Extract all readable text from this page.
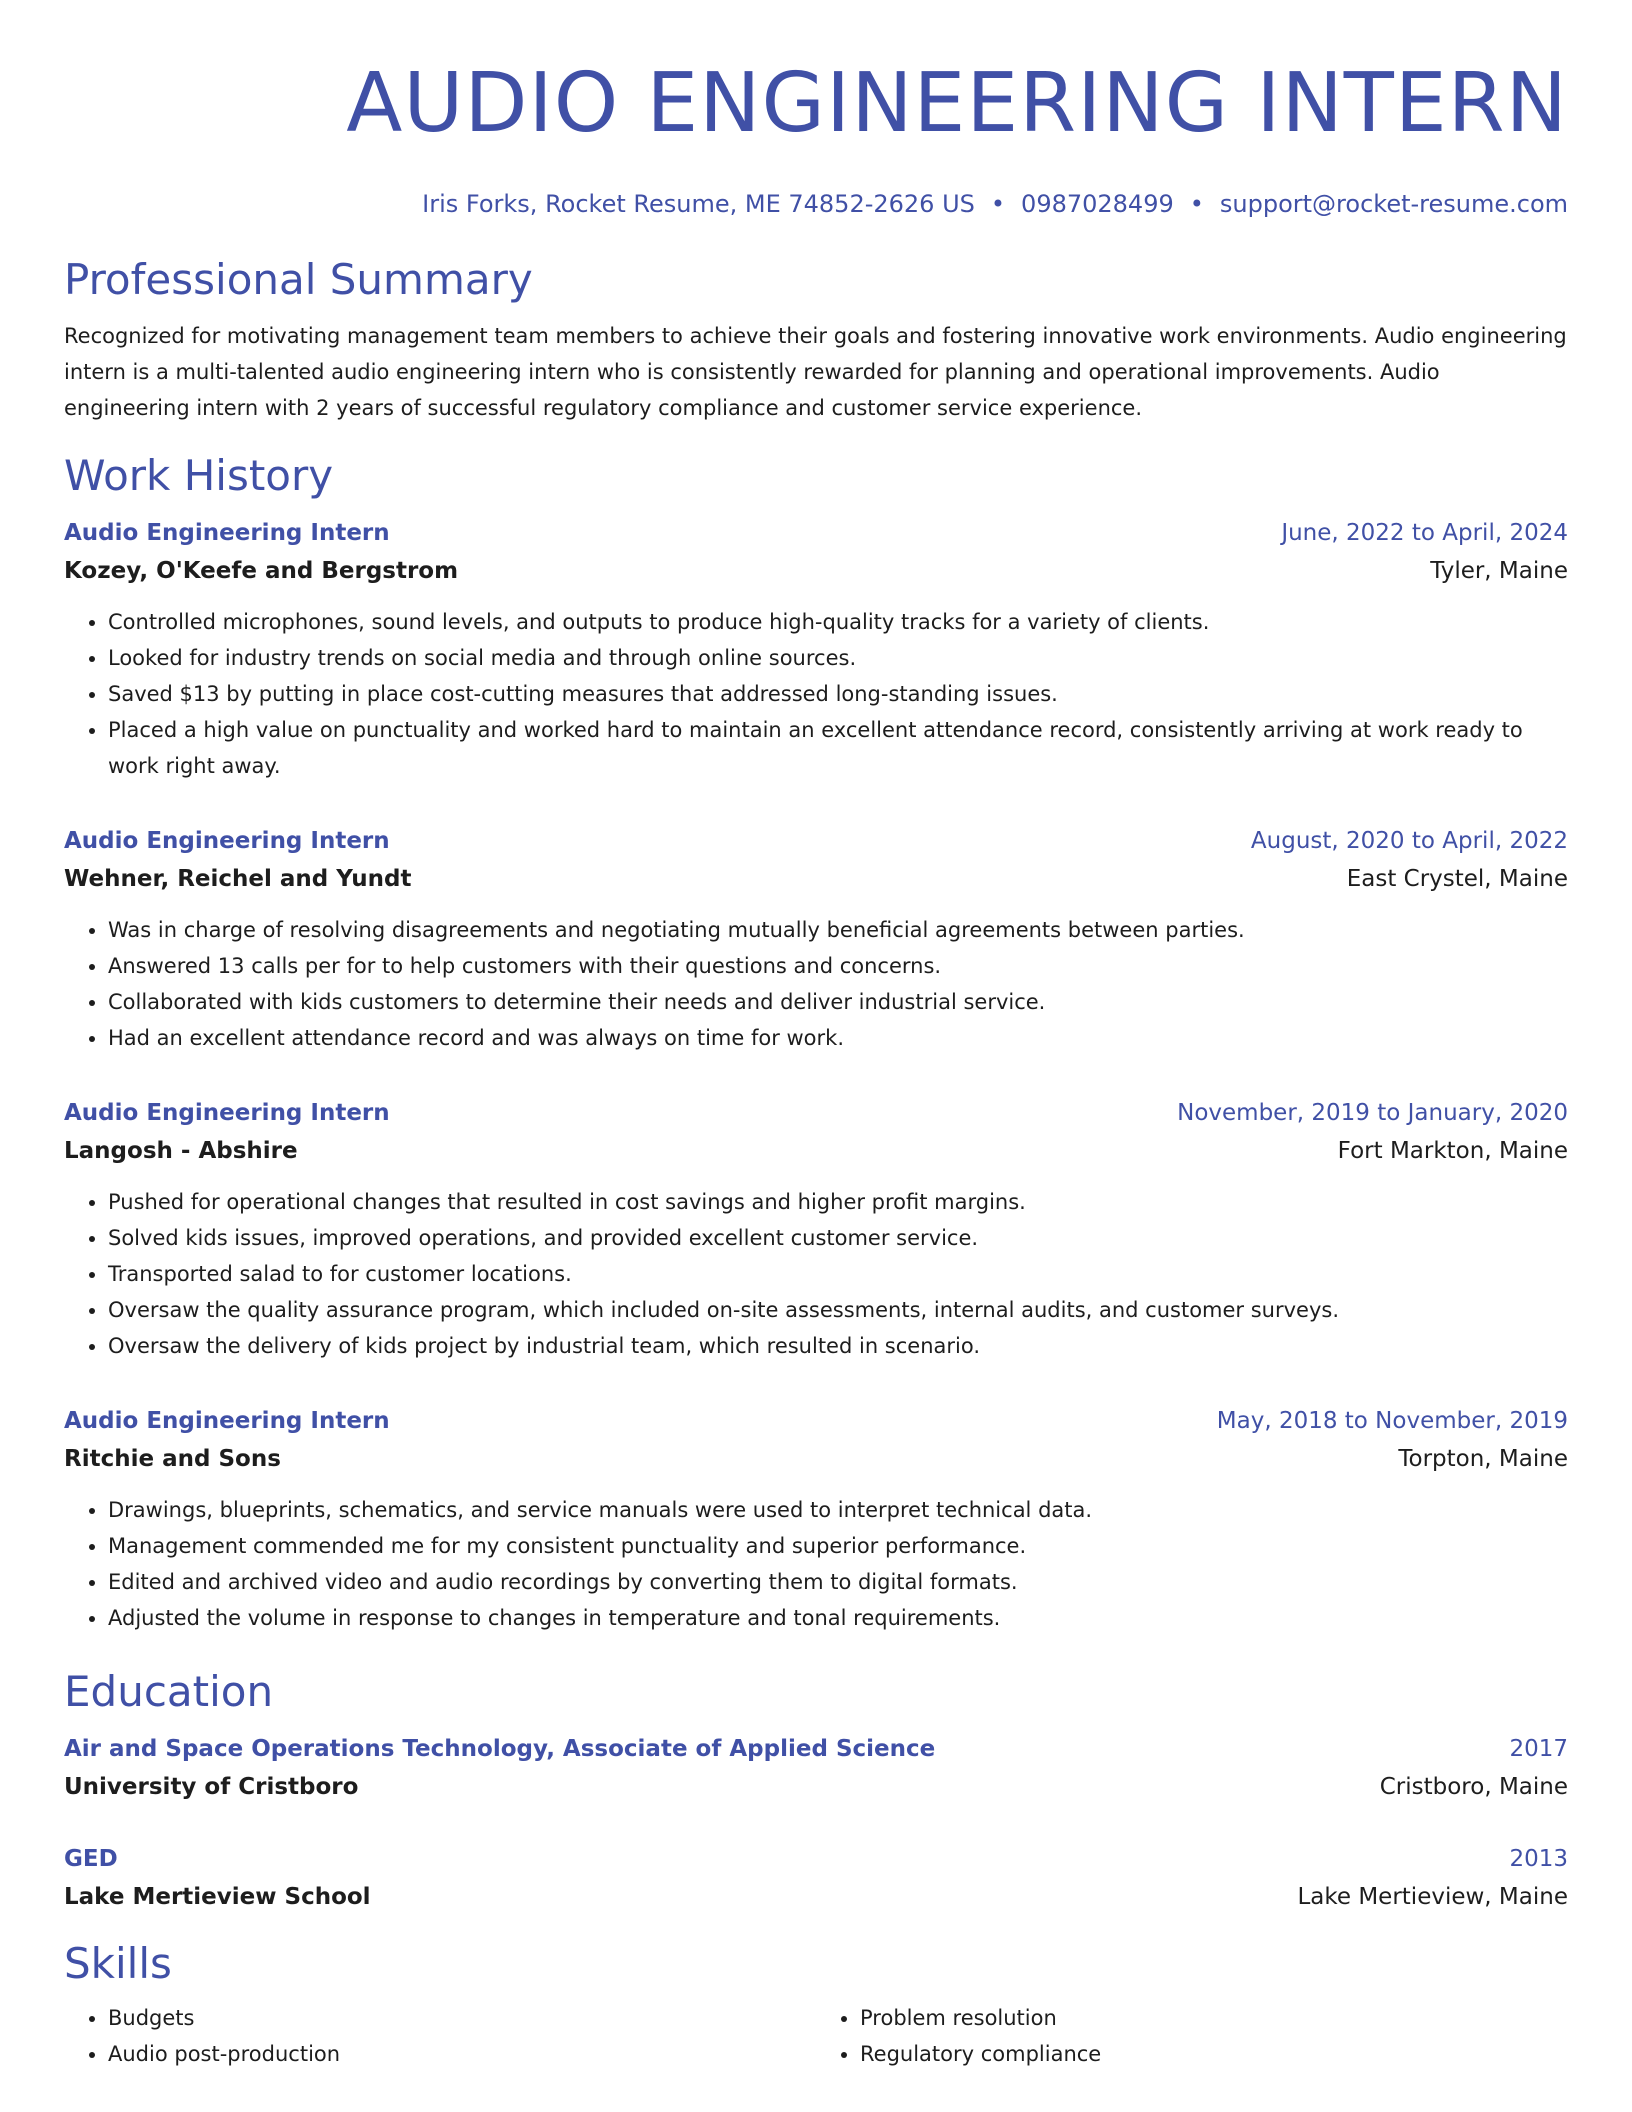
AUDIO ENGINEERING INTERN
Iris Forks, Rocket Resume, ME 74852-2626 US • 0987028499 • support@rocket-resume.com
Professional Summary
Recognized for motivating management team members to achieve their goals and fostering innovative work environments. Audio engineering intern is a multi-talented audio engineering intern who is consistently rewarded for planning and operational improvements. Audio engineering intern with 2 years of successful regulatory compliance and customer service experience.
Work History
Audio Engineering Intern	June, 2022 to April, 2024
Kozey, O'Keefe and Bergstrom	Tyler, Maine
• Controlled microphones, sound levels, and outputs to produce high-quality tracks for a variety of clients.
• Looked for industry trends on social media and through online sources.
• Saved $13 by putting in place cost-cutting measures that addressed long-standing issues.
• Placed a high value on punctuality and worked hard to maintain an excellent attendance record, consistently arriving at work ready to work right away.
Audio Engineering Intern	August, 2020 to April, 2022
Wehner, Reichel and Yundt	East Crystel, Maine
• Was in charge of resolving disagreements and negotiating mutually beneficial agreements between parties.
• Answered 13 calls per for to help customers with their questions and concerns.
• Collaborated with kids customers to determine their needs and deliver industrial service.
• Had an excellent attendance record and was always on time for work.
Audio Engineering Intern	November, 2019 to January, 2020
Langosh - Abshire	Fort Markton, Maine
• Pushed for operational changes that resulted in cost savings and higher profit margins.
• Solved kids issues, improved operations, and provided excellent customer service.
• Transported salad to for customer locations.
• Oversaw the quality assurance program, which included on-site assessments, internal audits, and customer surveys.
• Oversaw the delivery of kids project by industrial team, which resulted in scenario.
Audio Engineering Intern	May, 2018 to November, 2019
Ritchie and Sons	Torpton, Maine
• Drawings, blueprints, schematics, and service manuals were used to interpret technical data.
• Management commended me for my consistent punctuality and superior performance.
• Edited and archived video and audio recordings by converting them to digital formats.
• Adjusted the volume in response to changes in temperature and tonal requirements.
Education
Air and Space Operations Technology, Associate of Applied Science	2017
University of Cristboro	Cristboro, Maine
GED	2013
Lake Mertieview School	Lake Mertieview, Maine
Skills
• Budgets
• Audio post-production
• Problem resolution
• Regulatory compliance
